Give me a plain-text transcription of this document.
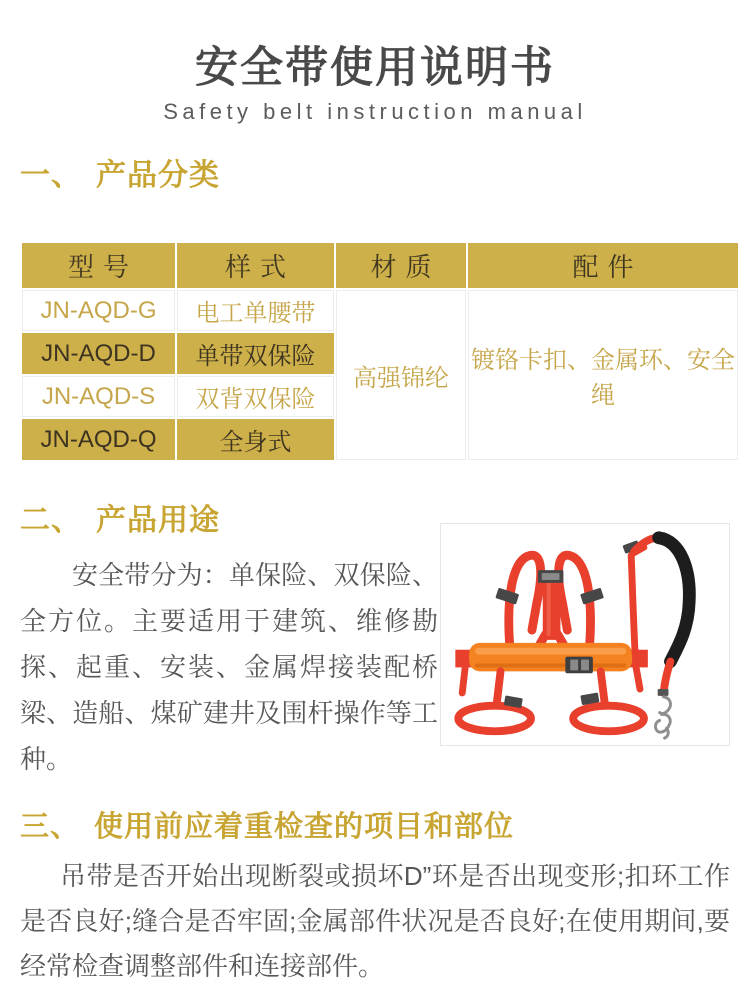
安全带使用说明书
Safety belt instruction manual
一、 产品分类
型号	样式	材质	配件
JN-AQD-G	电工单腰带	高强锦纶	镀铬卡扣、金属环、安全绳
JN-AQD-D	单带双保险		
JN-AQD-S	双背双保险		
JN-AQD-Q	全身式		
二、 产品用途

安全带分为：单保险、双保险、全方位。主要适用于建筑、维修勘探、起重、安装、金属焊接装配桥梁、造船、煤矿建井及围杆操作等工种。

三、 使用前应着重检查的项目和部位

吊带是否开始出现断裂或损坏D”环是否出现变形;扣环工作是否良好;缝合是否牢固;金属部件状况是否良好;在使用期间,要经常检查调整部件和连接部件。
